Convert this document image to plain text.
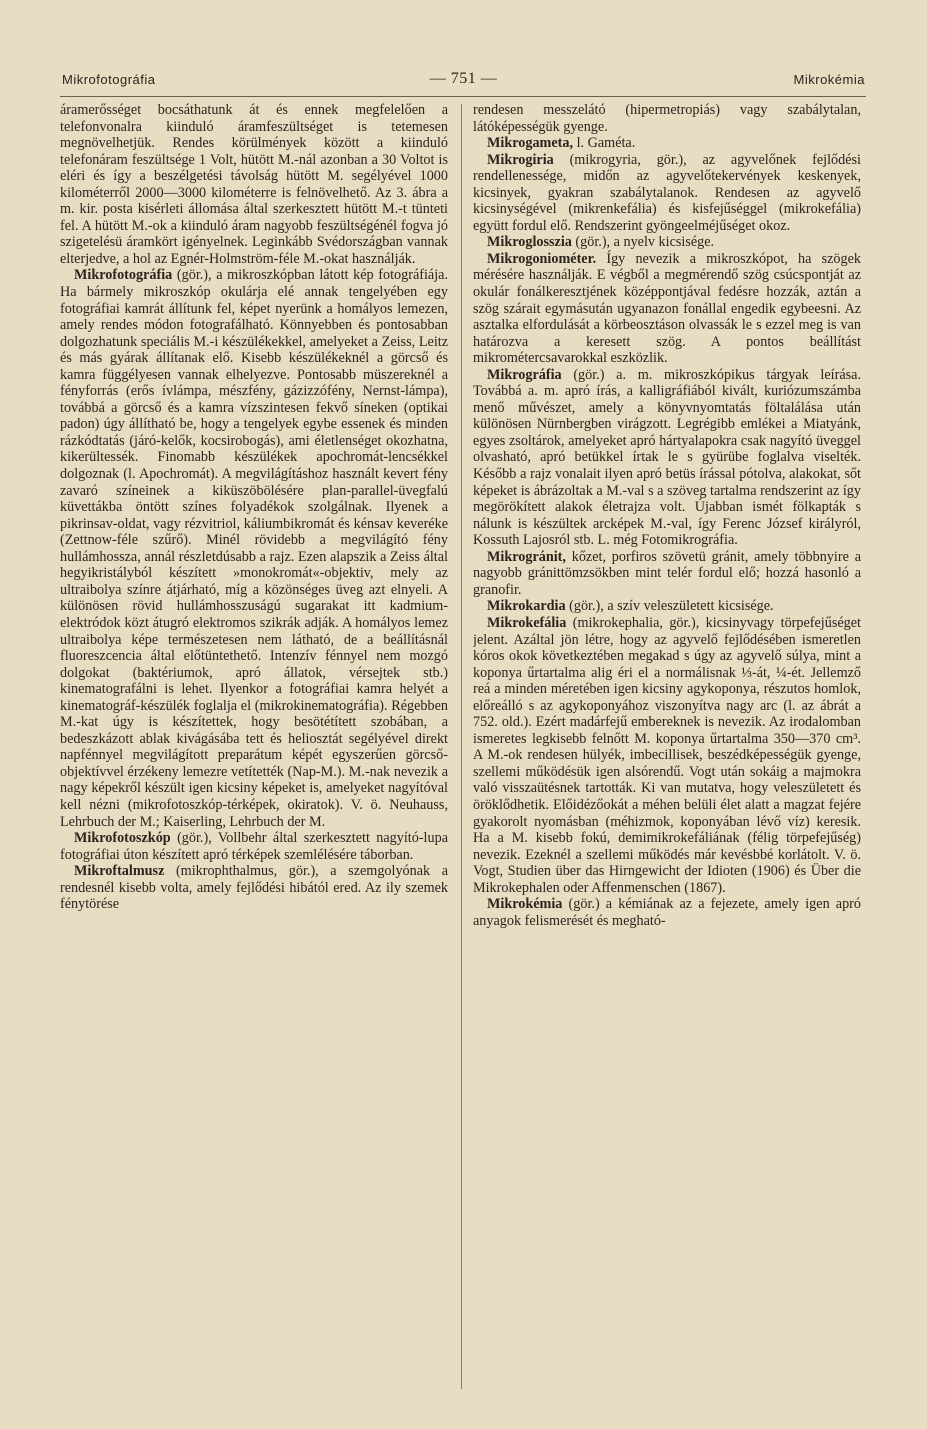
Mikrofotográfia	— 751 —	Mikrokémia

áramerősséget bocsáthatunk át és ennek megfelelően a telefonvonalra kiinduló áramfeszültséget is tetemesen megnövelhetjük. Rendes körülmények között a kiinduló telefonáram feszültsége 1 Volt, hütött M.-nál azonban a 30 Voltot is eléri és így a beszélgetési távolság hütött M. segélyével 1000 kilométerről 2000—3000 kilométerre is felnövelhető. Az 3. ábra a m. kir. posta kisérleti állomása által szerkesztett hütött M.-t tünteti fel. A hütött M.-ok a kiinduló áram nagyobb feszültségénél fogva jó szigetelésü áramkört igényelnek. Leginkább Svédországban vannak elterjedve, a hol az Egnér-Holmström-féle M.-okat használják.

Mikrofotográfia (gör.), a mikroszkópban látott kép fotográfiája. Ha bármely mikroszkóp okulárja elé annak tengelyében egy fotográfiai kamrát állítunk fel, képet nyerünk a homályos lemezen, amely rendes módon fotografálható. Könnyebben és pontosabban dolgozhatunk speciális M.-i készülékekkel, amelyeket a Zeiss, Leitz és más gyárak állítanak elő. Kisebb készülékeknél a görcső és kamra függélyesen vannak elhelyezve. Pontosabb müszereknél a fényforrás (erős ívlámpa, mészfény, gázizzófény, Nernst-lámpa), továbbá a görcső és a kamra vízszintesen fekvő síneken (optikai padon) úgy állítható be, hogy a tengelyek egybe essenek és minden rázkódtatás (járó-kelők, kocsirobogás), ami életlenséget okozhatna, kikerültessék. Finomabb készülékek apochromát-lencsékkel dolgoznak (l. Apochromát). A megvilágításhoz használt kevert fény zavaró színeinek a kiküszöbölésére plan-parallel-üvegfalú küvettákba öntött színes folyadékok szolgálnak. Ilyenek a pikrinsav-oldat, vagy rézvitriol, káliumbikromát és kénsav keveréke (Zettnow-féle szűrő). Minél rövidebb a megvilágító fény hullámhossza, annál részletdúsabb a rajz. Ezen alapszik a Zeiss által hegyikristályból készített »monokromát«-objektiv, mely az ultraibolya színre átjárható, míg a közönséges üveg azt elnyeli. A különösen rövid hullámhosszuságú sugarakat itt kadmium-elektródok közt átugró elektromos szikrák adják. A homályos lemez ultraibolya képe természetesen nem látható, de a beállításnál fluoreszcencia által előtüntethető. Intenzív fénnyel nem mozgó dolgokat (baktériumok, apró állatok, vérsejtek stb.) kinematografálni is lehet. Ilyenkor a fotográfiai kamra helyét a kinematográf-készülék foglalja el (mikrokinematográfia). Régebben M.-kat úgy is készítettek, hogy besötétített szobában, a bedeszkázott ablak kivágásába tett és heliosztát segélyével direkt napfénnyel megvilágított preparátum képét egyszerűen görcső-objektívvel érzékeny lemezre vetítették (Nap-M.). M.-nak nevezik a nagy képekről készült igen kicsiny képeket is, amelyeket nagyítóval kell nézni (mikrofotoszkóp-térképek, okiratok). V. ö. Neuhauss, Lehrbuch der M.; Kaiserling, Lehrbuch der M.

Mikrofotoszkóp (gör.), Vollbehr által szerkesztett nagyító-lupa fotográfiai úton készített apró térképek szemlélésére táborban.

Mikroftalmusz (mikrophthalmus, gör.), a szemgolyónak a rendesnél kisebb volta, amely fejlődési hibától ered. Az ily szemek fénytörése

rendesen messzelátó (hipermetropiás) vagy szabálytalan, látóképességük gyenge.

Mikrogameta, l. Gaméta.

Mikrogiria (mikrogyria, gör.), az agyvelőnek fejlődési rendellenessége, midőn az agyvelőtekervények keskenyek, kicsinyek, gyakran szabálytalanok. Rendesen az agyvelő kicsinységével (mikrenkefália) és kisfejűséggel (mikrokefália) együtt fordul elő. Rendszerint gyöngeelméjűséget okoz.

Mikroglosszia (gör.), a nyelv kicsisége.

Mikrogoniométer. Így nevezik a mikroszkópot, ha szögek mérésére használják. E végből a megmérendő szög csúcspontját az okulár fonálkeresztjének középpontjával fedésre hozzák, aztán a szög szárait egymásután ugyanazon fonállal engedik egybeesni. Az asztalka elfordulását a körbeosztáson olvassák le s ezzel meg is van határozva a keresett szög. A pontos beállítást mikrométercsavarokkal eszközlik.

Mikrográfia (gör.) a. m. mikroszkópikus tárgyak leírása. Továbbá a. m. apró írás, a kalligráfiából kivált, kuriózumszámba menő művészet, amely a könyvnyomtatás föltalálása után különösen Nürnbergben virágzott. Legrégibb emlékei a Miatyánk, egyes zsoltárok, amelyeket apró hártyalapokra csak nagyító üveggel olvasható, apró betükkel írtak le s gyürübe foglalva viselték. Később a rajz vonalait ilyen apró betüs írással pótolva, alakokat, sőt képeket is ábrázoltak a M.-val s a szöveg tartalma rendszerint az így megörökített alakok életrajza volt. Újabban ismét fölkapták s nálunk is készültek arcképek M.-val, így Ferenc József királyról, Kossuth Lajosról stb. L. még Fotomikrográfia.

Mikrogránit, kőzet, porfiros szövetü gránit, amely többnyire a nagyobb gránittömzsökben mint telér fordul elő; hozzá hasonló a granofir.

Mikrokardia (gör.), a szív veleszületett kicsisége.

Mikrokefália (mikrokephalia, gör.), kicsinyvagy törpefejűséget jelent. Azáltal jön létre, hogy az agyvelő fejlődésében ismeretlen kóros okok következtében megakad s úgy az agyvelő súlya, mint a koponya űrtartalma alig éri el a normálisnak ⅓-át, ¼-ét. Jellemző reá a minden méretében igen kicsiny agykoponya, részutos homlok, előreálló s az agykoponyához viszonyítva nagy arc (l. az ábrát a 752. old.). Ezért madárfejű embereknek is nevezik. Az irodalomban ismeretes legkisebb felnőtt M. koponya űrtartalma 350—370 cm³. A M.-ok rendesen hülyék, imbecillisek, beszédképességük gyenge, szellemi működésük igen alsórendű. Vogt után sokáig a majmokra való visszaütésnek tartották. Ki van mutatva, hogy veleszületett és öröklődhetik. Előidézőokát a méhen belüli élet alatt a magzat fejére gyakorolt nyomásban (méhizmok, koponyában lévő víz) keresik. Ha a M. kisebb fokú, demimikrokefáliának (félig törpefejűség) nevezik. Ezeknél a szellemi működés már kevésbbé korlátolt. V. ö. Vogt, Studien über das Hirngewicht der Idioten (1906) és Über die Mikrokephalen oder Affenmenschen (1867).

Mikrokémia (gör.) a kémiának az a fejezete, amely igen apró anyagok felismerését és megható-
